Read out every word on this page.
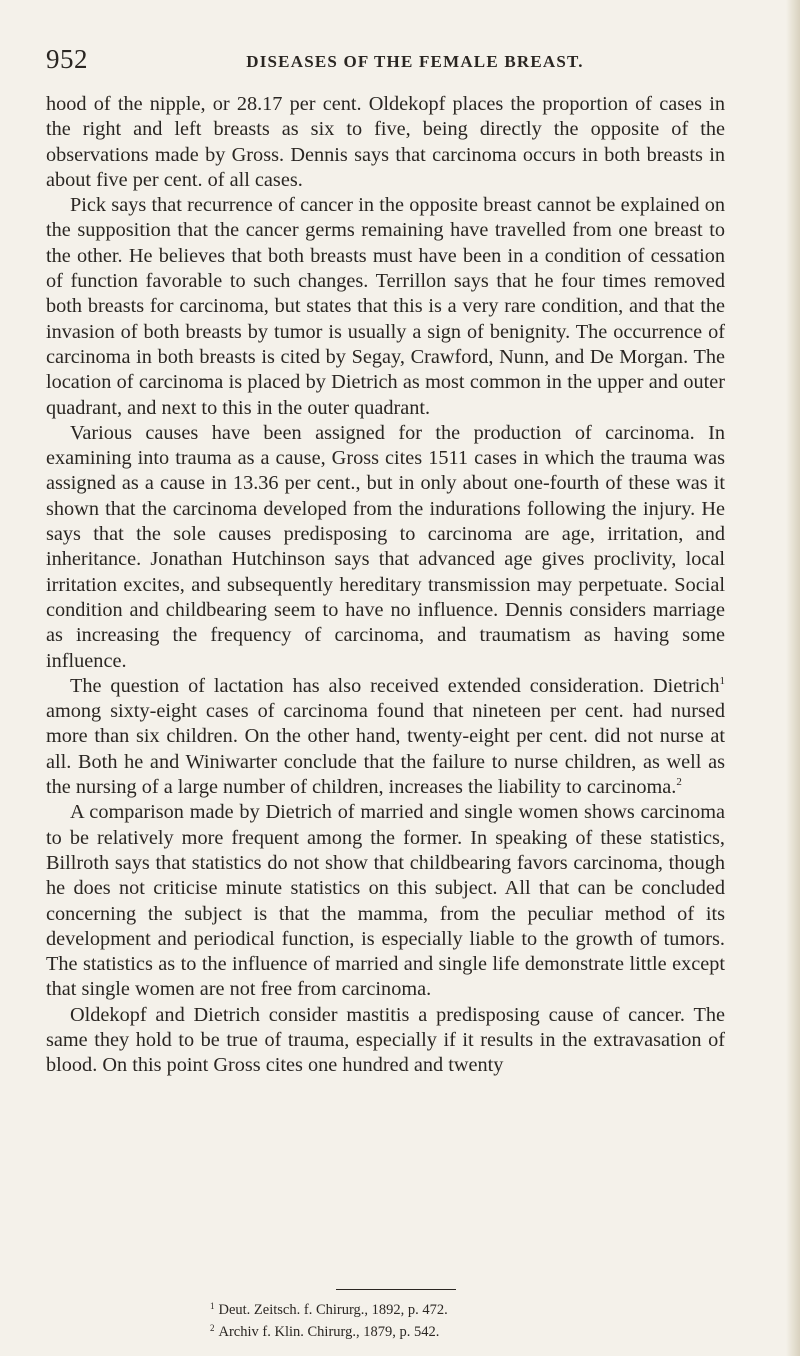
952	DISEASES OF THE FEMALE BREAST.

hood of the nipple, or 28.17 per cent. Oldekopf places the proportion of cases in the right and left breasts as six to five, being directly the opposite of the observations made by Gross. Dennis says that carcinoma occurs in both breasts in about five per cent. of all cases.

Pick says that recurrence of cancer in the opposite breast cannot be explained on the supposition that the cancer germs remaining have travelled from one breast to the other. He believes that both breasts must have been in a condition of cessation of function favorable to such changes. Terrillon says that he four times removed both breasts for carcinoma, but states that this is a very rare condition, and that the invasion of both breasts by tumor is usually a sign of benignity. The occurrence of carcinoma in both breasts is cited by Segay, Crawford, Nunn, and De Morgan. The location of carcinoma is placed by Dietrich as most common in the upper and outer quadrant, and next to this in the outer quadrant.

Various causes have been assigned for the production of carcinoma. In examining into trauma as a cause, Gross cites 1511 cases in which the trauma was assigned as a cause in 13.36 per cent., but in only about one-fourth of these was it shown that the carcinoma developed from the indurations following the injury. He says that the sole causes predisposing to carcinoma are age, irritation, and inheritance. Jonathan Hutchinson says that advanced age gives proclivity, local irritation excites, and subsequently hereditary transmission may perpetuate. Social condition and childbearing seem to have no influence. Dennis considers marriage as increasing the frequency of carcinoma, and traumatism as having some influence.

The question of lactation has also received extended consideration. Dietrich$^1$ among sixty-eight cases of carcinoma found that nineteen per cent. had nursed more than six children. On the other hand, twenty-eight per cent. did not nurse at all. Both he and Winiwarter conclude that the failure to nurse children, as well as the nursing of a large number of children, increases the liability to carcinoma.$^2$

A comparison made by Dietrich of married and single women shows carcinoma to be relatively more frequent among the former. In speaking of these statistics, Billroth says that statistics do not show that childbearing favors carcinoma, though he does not criticise minute statistics on this subject. All that can be concluded concerning the subject is that the mamma, from the peculiar method of its development and periodical function, is especially liable to the growth of tumors. The statistics as to the influence of married and single life demonstrate little except that single women are not free from carcinoma.

Oldekopf and Dietrich consider mastitis a predisposing cause of cancer. The same they hold to be true of trauma, especially if it results in the extravasation of blood. On this point Gross cites one hundred and twenty

$^1$ Deut. Zeitsch. f. Chirurg., 1892, p. 472.
$^2$ Archiv f. Klin. Chirurg., 1879, p. 542.
